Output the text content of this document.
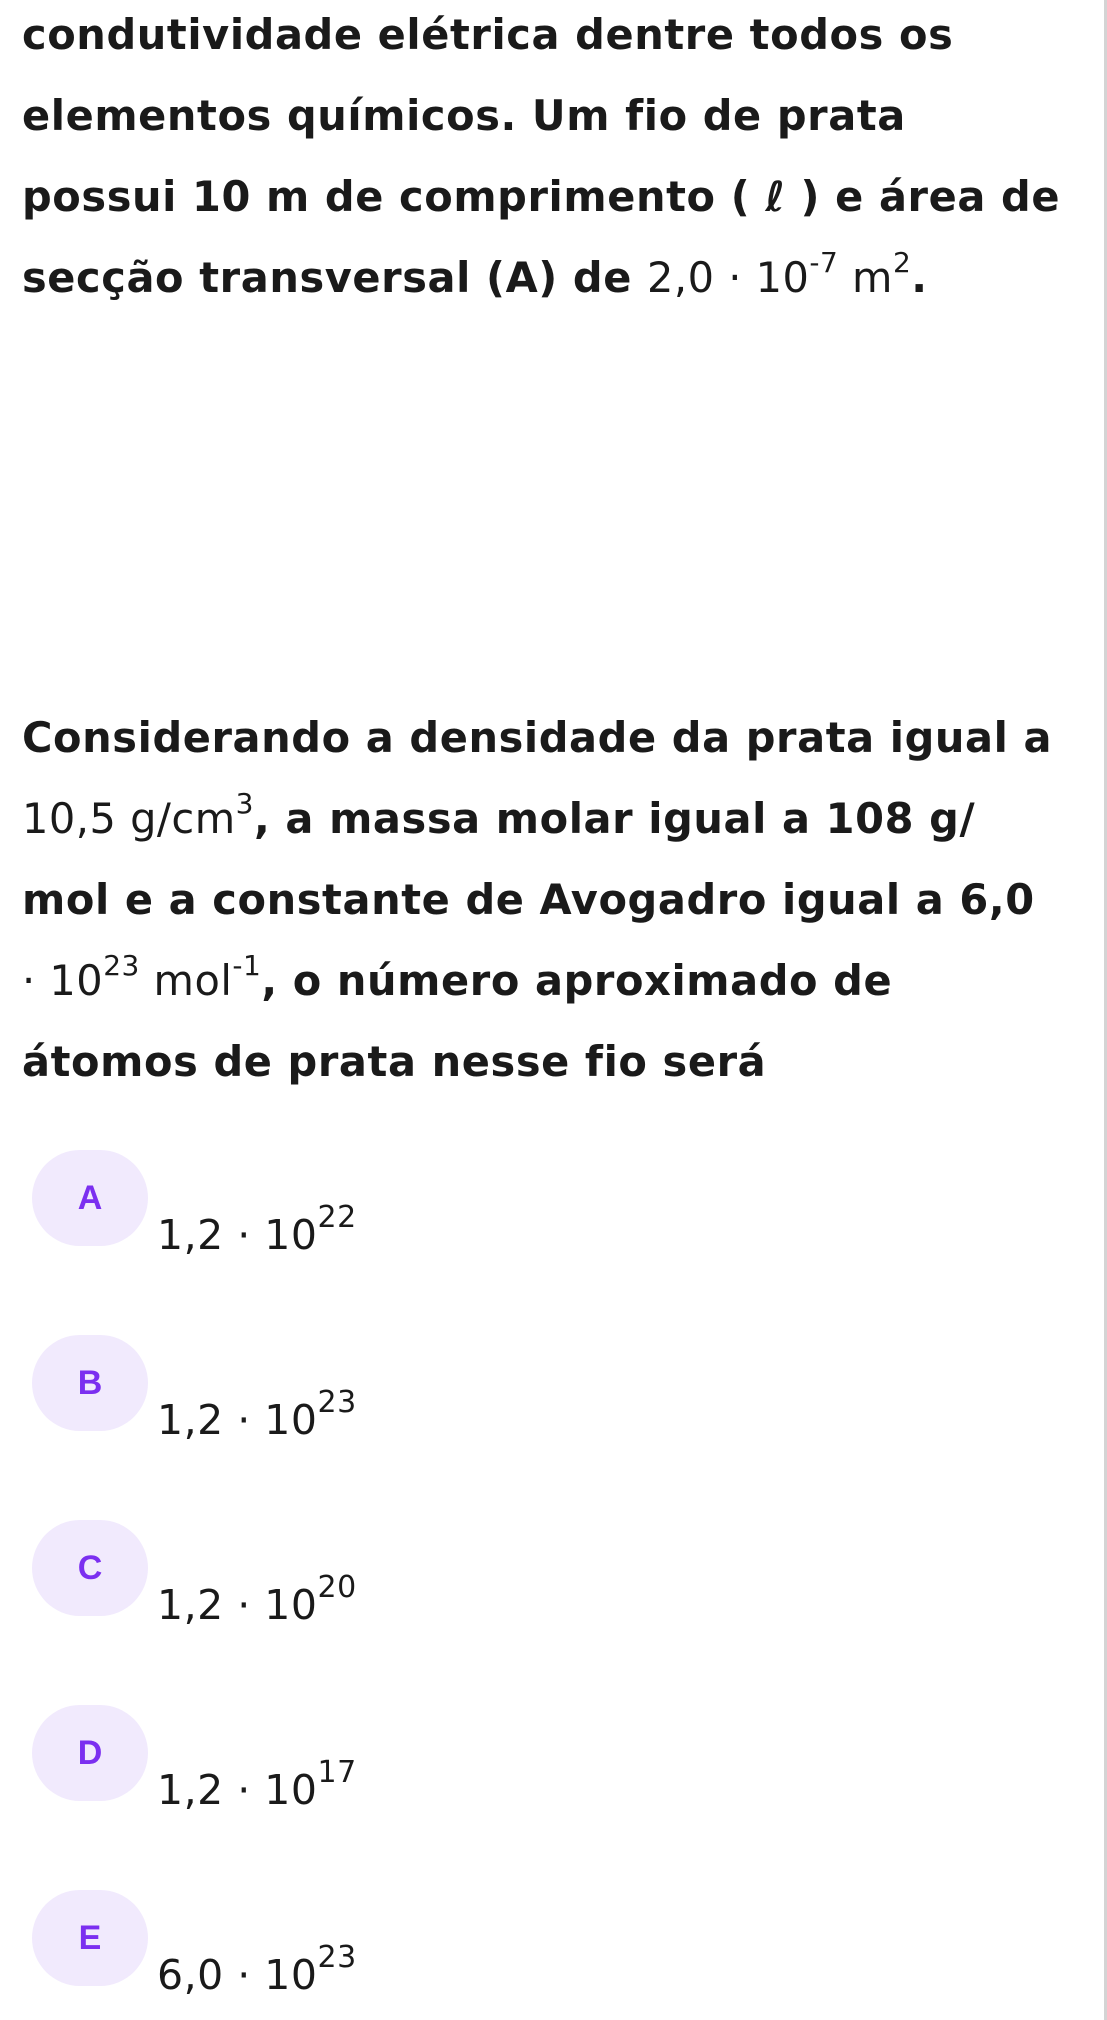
condutividade elétrica dentre todos os
elementos químicos. Um fio de prata
possui 10 m de comprimento ( ℓ ) e área de
secção transversal (A) de $2,0 \cdot 10^{-7}$ $m^2$.
Considerando a densidade da prata igual a
10,5 $g/cm^3$, a massa molar igual a 108 g/
mol e a constante de Avogadro igual a 6,0
· $10^{23}$ mol$^{-1}$, o número aproximado de
átomos de prata nesse fio será
A
$1,2 \cdot 10^{22}$
B
$1,2 \cdot 10^{23}$
C
$1,2 \cdot 10^{20}$
D
$1,2 \cdot 10^{17}$
E
$6,0 \cdot 10^{23}$
